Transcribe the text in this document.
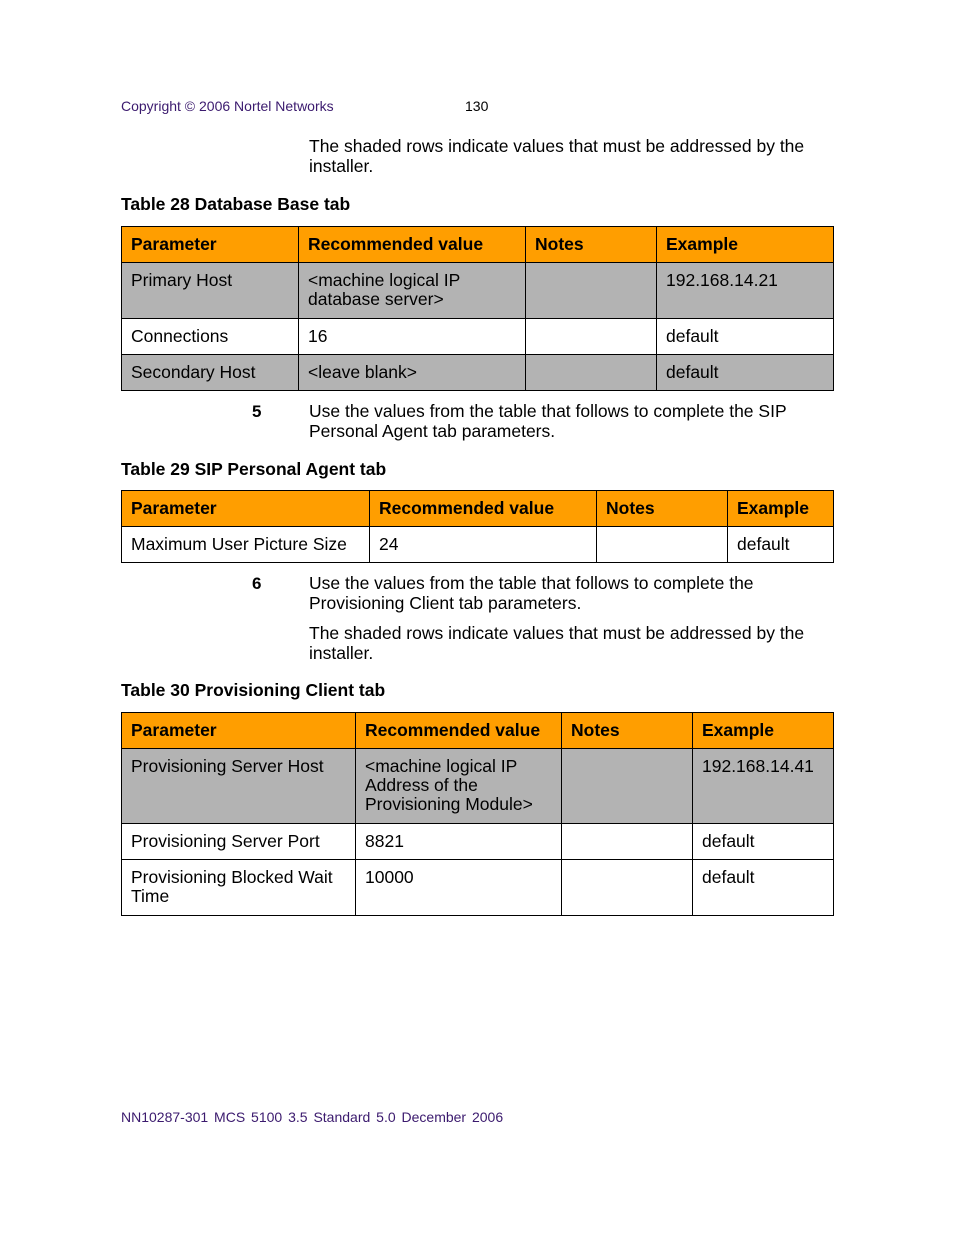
Copyright © 2006 Nortel Networks	130
The shaded rows indicate values that must be addressed by the installer.
Table 28 Database Base tab
Parameter	Recommended value	Notes	Example
Primary Host	<machine logical IP database server>		192.168.14.21
Connections	16		default
Secondary Host	<leave blank>		default
5	Use the values from the table that follows to complete the SIP Personal Agent tab parameters.
Table 29 SIP Personal Agent tab
Parameter	Recommended value	Notes	Example
Maximum User Picture Size	24		default
6	Use the values from the table that follows to complete the Provisioning Client tab parameters.
The shaded rows indicate values that must be addressed by the installer.
Table 30 Provisioning Client tab
Parameter	Recommended value	Notes	Example
Provisioning Server Host	<machine logical IP Address of the Provisioning Module>		192.168.14.41
Provisioning Server Port	8821		default
Provisioning Blocked Wait Time	10000		default
NN10287-301 MCS 5100 3.5 Standard 5.0 December 2006
